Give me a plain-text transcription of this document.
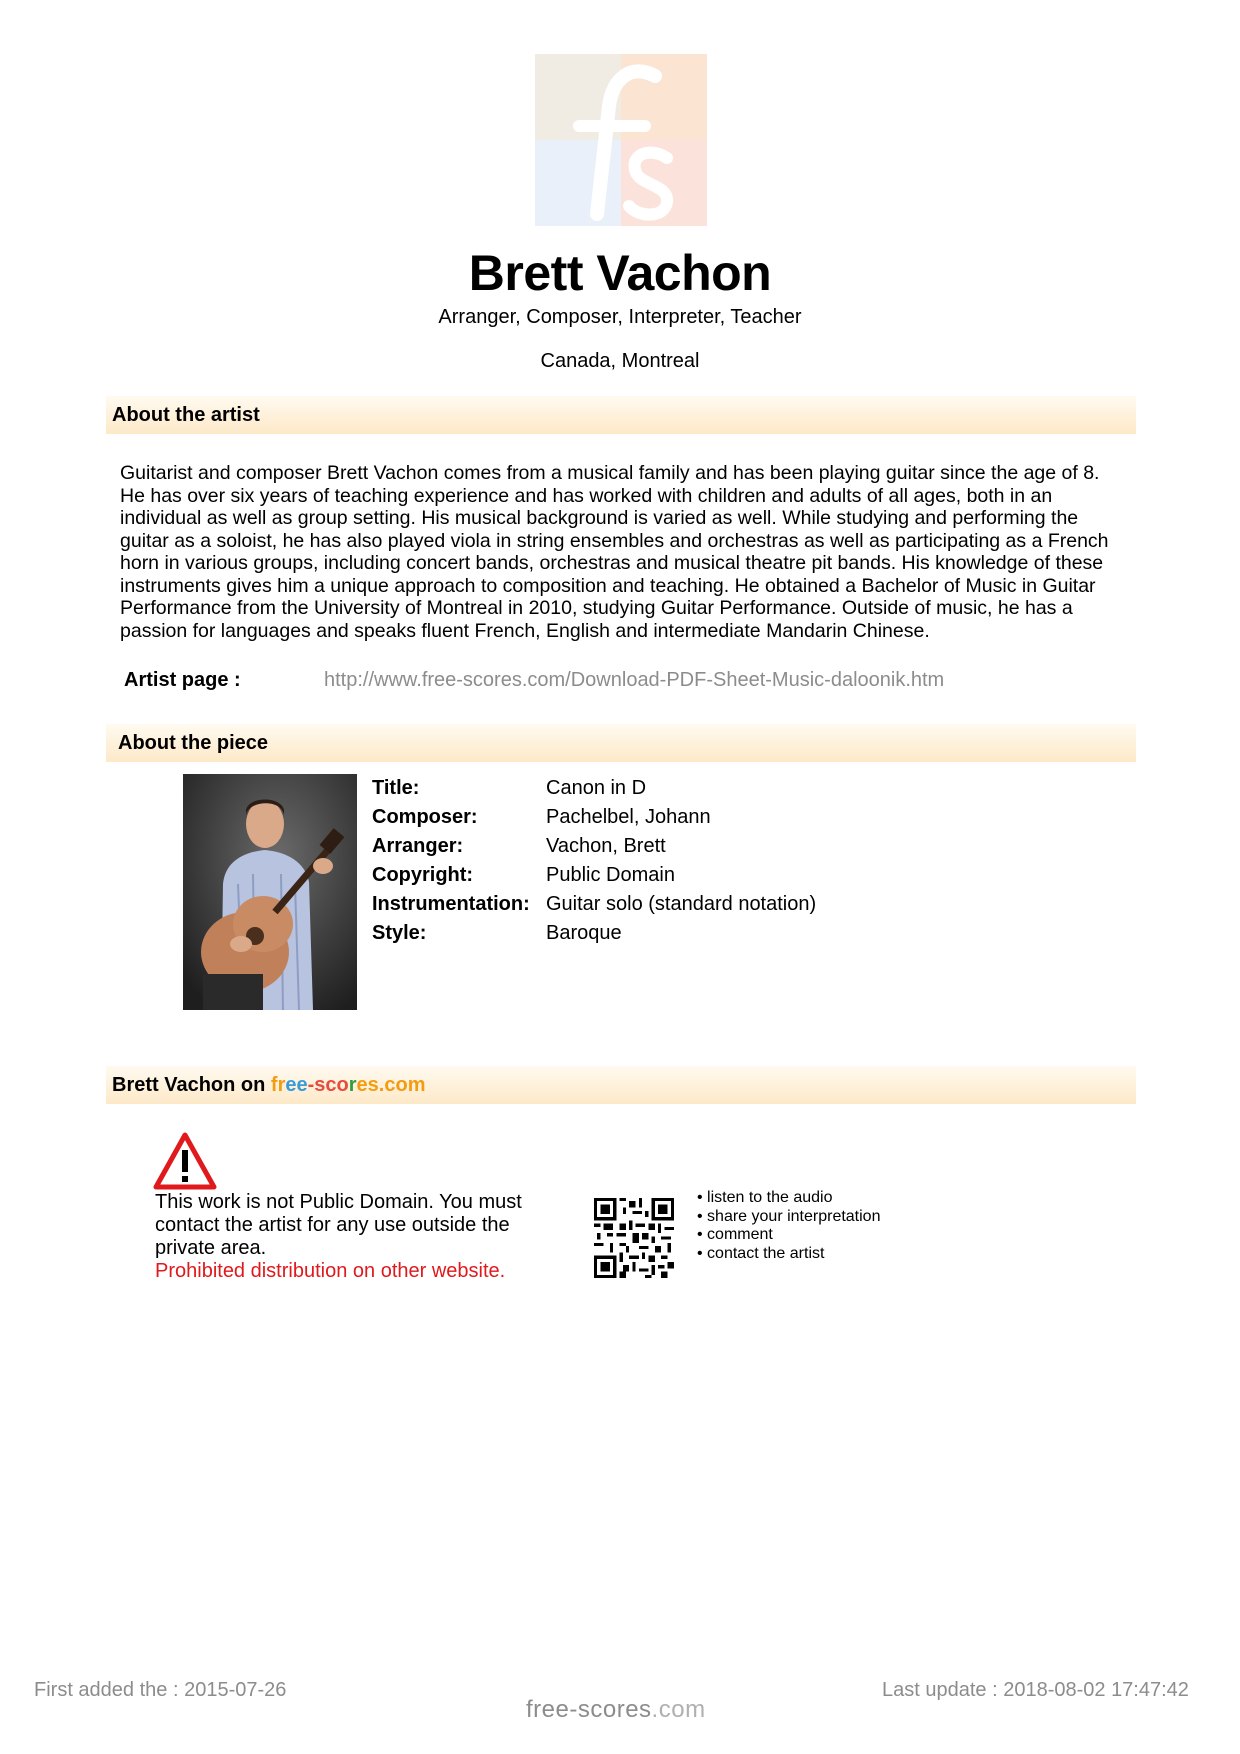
Brett Vachon
Arranger, Composer, Interpreter, Teacher
Canada, Montreal
About the artist
Guitarist and composer Brett Vachon comes from a musical family and has been playing guitar since the age of 8. He has over six years of teaching experience and has worked with children and adults of all ages, both in an individual as well as group setting. His musical background is varied as well. While studying and performing the guitar as a soloist, he has also played viola in string ensembles and orchestras as well as participating as a French horn in various groups, including concert bands, orchestras and musical theatre pit bands. His knowledge of these instruments gives him a unique approach to composition and teaching. He obtained a Bachelor of Music in Guitar Performance from the University of Montreal in 2010, studying Guitar Performance. Outside of music, he has a passion for languages and speaks fluent French, English and intermediate Mandarin Chinese.
Artist page :	http://www.free-scores.com/Download-PDF-Sheet-Music-daloonik.htm
About the piece
Title:	Canon in D
Composer:	Pachelbel, Johann
Arranger:	Vachon, Brett
Copyright:	Public Domain
Instrumentation: Guitar solo (standard notation)
Style:	Baroque
Brett Vachon on free-scores.com
This work is not Public Domain. You must contact the artist for any use outside the private area.
Prohibited distribution on other website.
• listen to the audio
• share your interpretation
• comment
• contact the artist
First added the : 2015-07-26	Last update : 2018-08-02 17:47:42
free-scores.com
